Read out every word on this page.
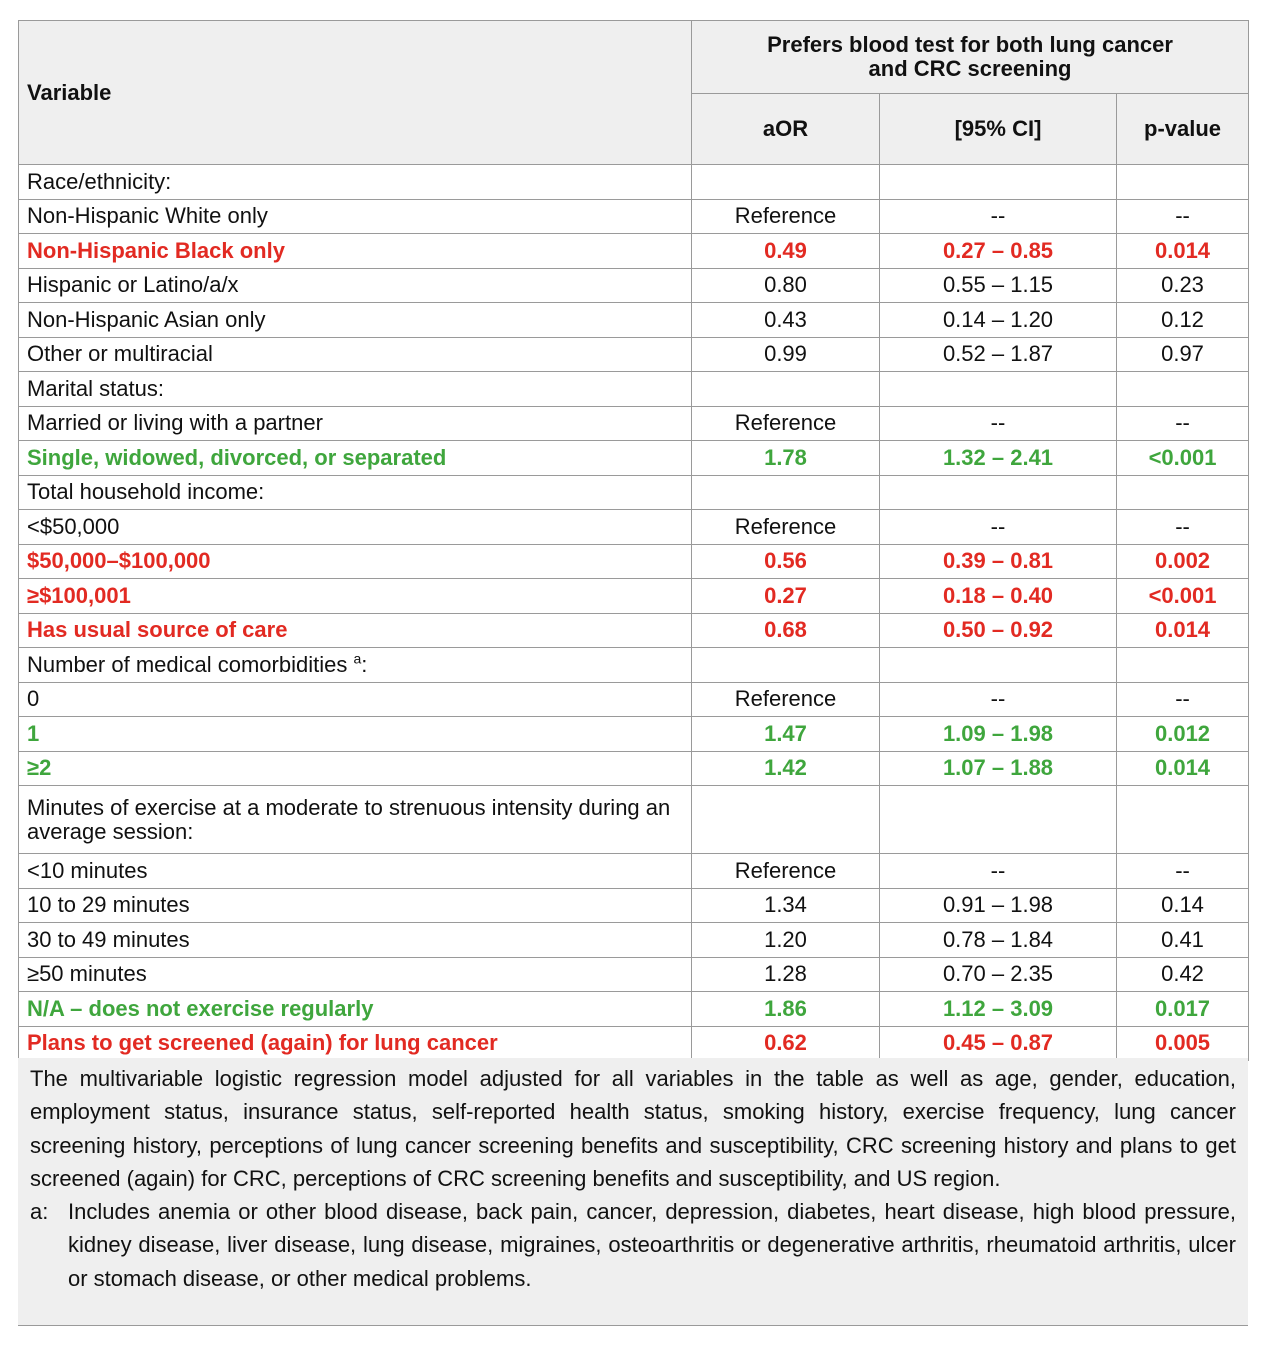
Variable	Prefers blood test for both lung cancer and CRC screening		
	aOR	[95% CI]	p-value
Race/ethnicity:			
Non-Hispanic White only	Reference	--	--
Non-Hispanic Black only	0.49	0.27 – 0.85	0.014
Hispanic or Latino/a/x	0.80	0.55 – 1.15	0.23
Non-Hispanic Asian only	0.43	0.14 – 1.20	0.12
Other or multiracial	0.99	0.52 – 1.87	0.97
Marital status:			
Married or living with a partner	Reference	--	--
Single, widowed, divorced, or separated	1.78	1.32 – 2.41	<0.001
Total household income:			
<$50,000	Reference	--	--
$50,000–$100,000	0.56	0.39 – 0.81	0.002
≥$100,001	0.27	0.18 – 0.40	<0.001
Has usual source of care	0.68	0.50 – 0.92	0.014
Number of medical comorbidities $^a$:			
0	Reference	--	--
1	1.47	1.09 – 1.98	0.012
≥2	1.42	1.07 – 1.88	0.014
Minutes of exercise at a moderate to strenuous intensity during an average session:			
<10 minutes	Reference	--	--
10 to 29 minutes	1.34	0.91 – 1.98	0.14
30 to 49 minutes	1.20	0.78 – 1.84	0.41
≥50 minutes	1.28	0.70 – 2.35	0.42
N/A – does not exercise regularly	1.86	1.12 – 3.09	0.017
Plans to get screened (again) for lung cancer	0.62	0.45 – 0.87	0.005

The multivariable logistic regression model adjusted for all variables in the table as well as age, gender, education, employment status, insurance status, self-reported health status, smoking history, exercise frequency, lung cancer screening history, perceptions of lung cancer screening benefits and susceptibility, CRC screening history and plans to get screened (again) for CRC, perceptions of CRC screening benefits and susceptibility, and US region.

a: Includes anemia or other blood disease, back pain, cancer, depression, diabetes, heart disease, high blood pressure, kidney disease, liver disease, lung disease, migraines, osteoarthritis or degenerative arthritis, rheumatoid arthritis, ulcer or stomach disease, or other medical problems.
